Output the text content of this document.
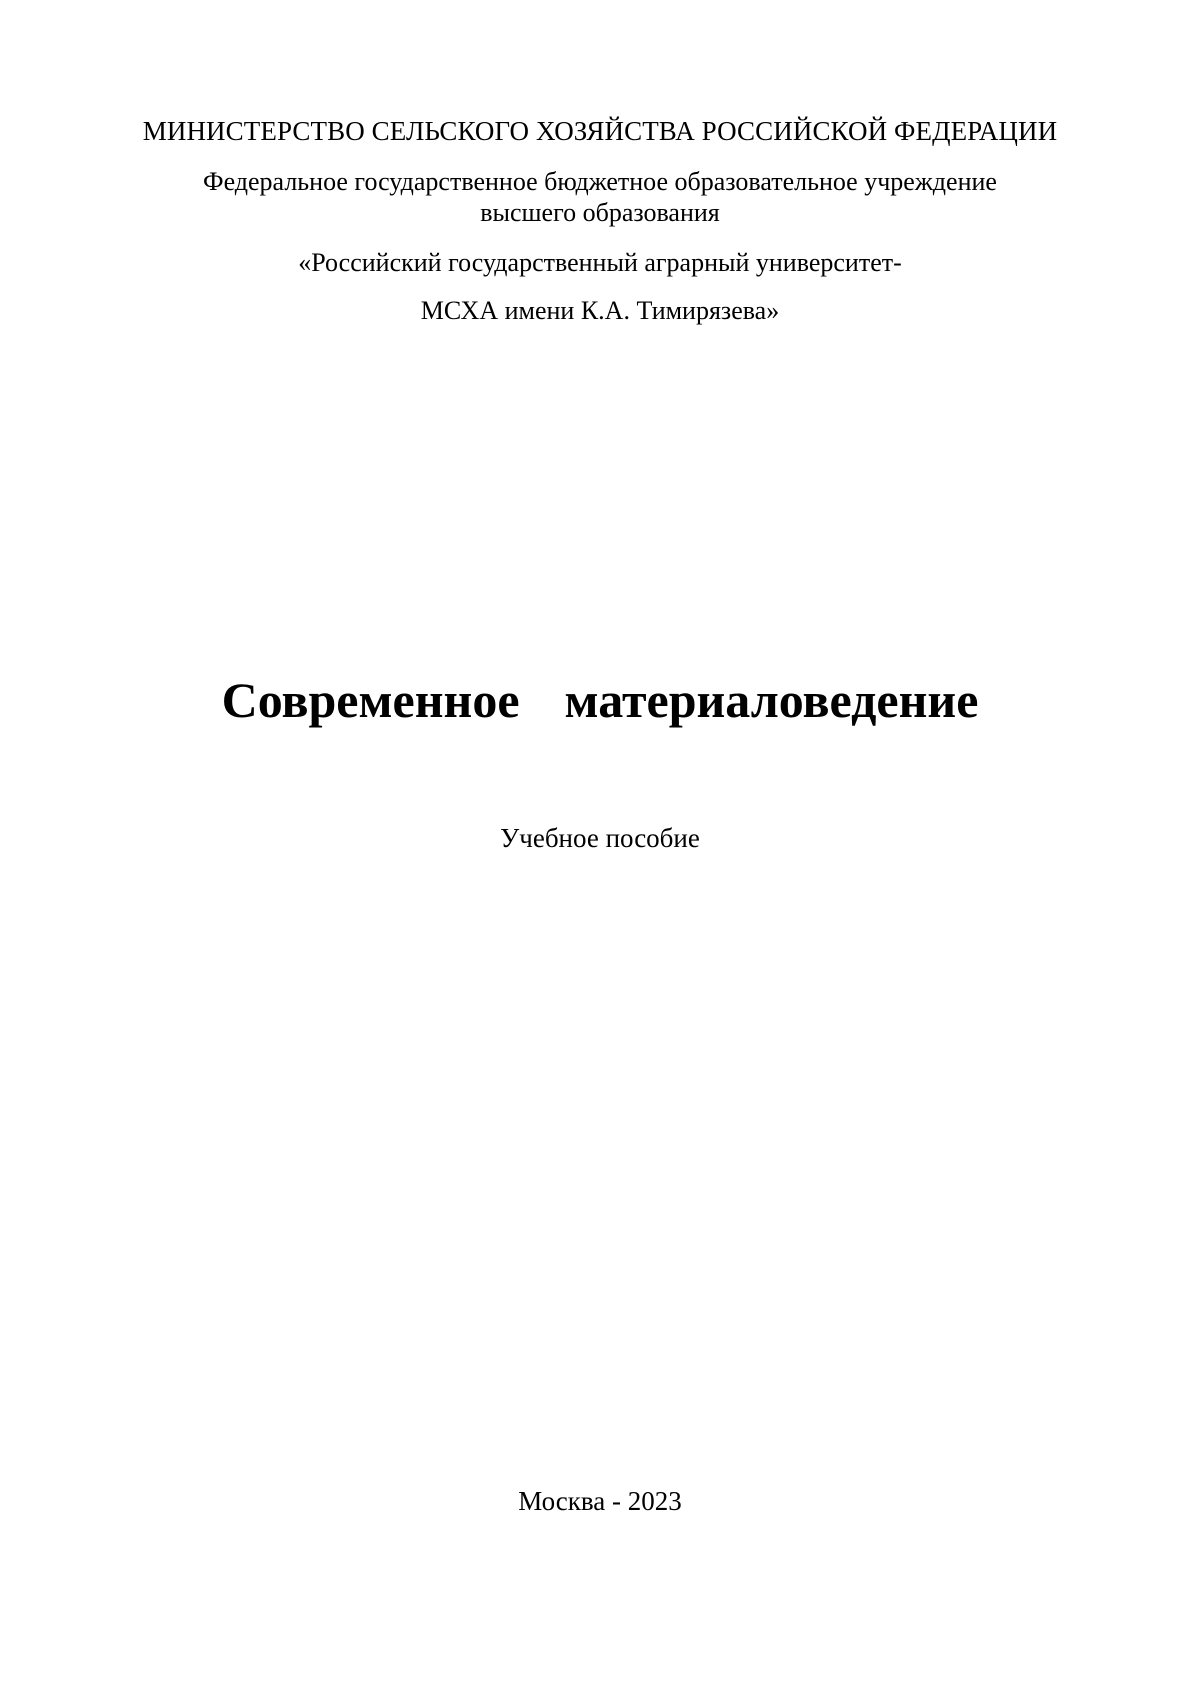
МИНИСТЕРСТВО СЕЛЬСКОГО ХОЗЯЙСТВА РОССИЙСКОЙ ФЕДЕРАЦИИ
Федеральное государственное бюджетное образовательное учреждение
высшего образования
«Российский государственный аграрный университет-
МСХА имени К.А. Тимирязева»
Современное  материаловедение
Учебное пособие
Москва - 2023
